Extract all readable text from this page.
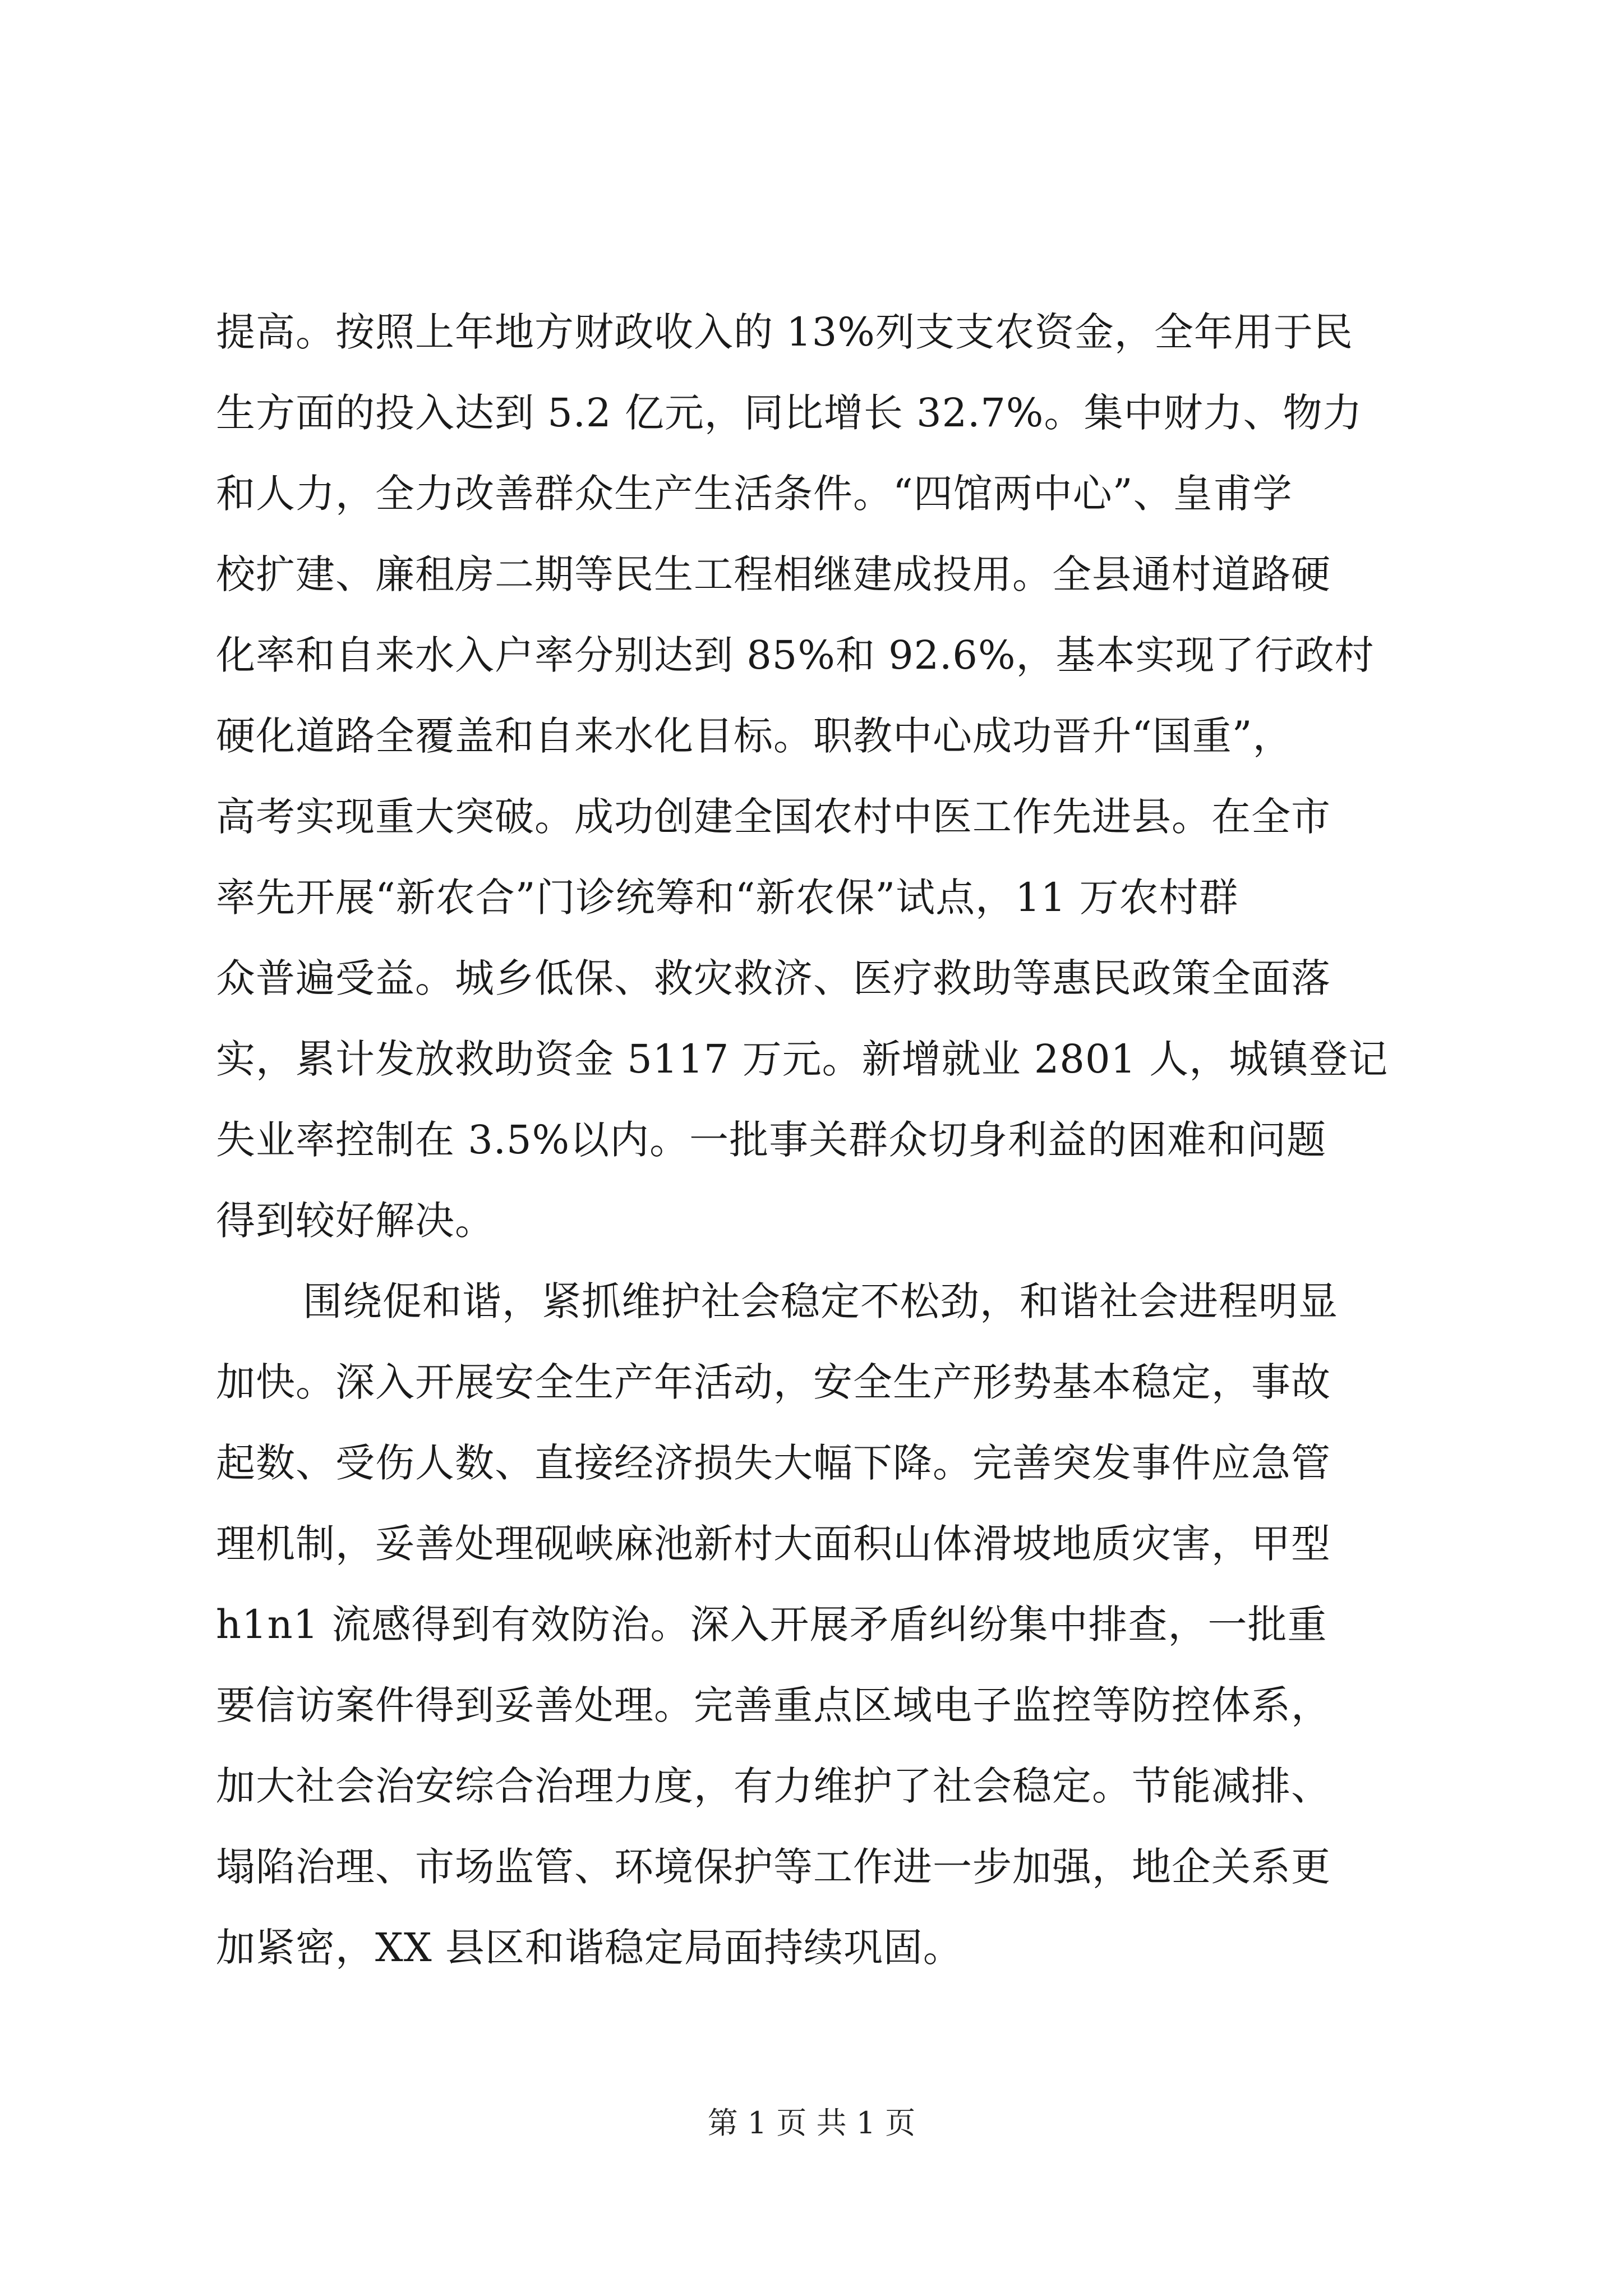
提高。按照上年地方财政收入的 13%列支支农资金，全年用于民
生方面的投入达到 5.2 亿元，同比增长 32.7%。集中财力、物力
和人力，全力改善群众生产生活条件。“四馆两中心”、皇甫学
校扩建、廉租房二期等民生工程相继建成投用。全县通村道路硬
化率和自来水入户率分别达到 85%和 92.6%，基本实现了行政村
硬化道路全覆盖和自来水化目标。职教中心成功晋升“国重”，
高考实现重大突破。成功创建全国农村中医工作先进县。在全市
率先开展“新农合”门诊统筹和“新农保”试点，11 万农村群
众普遍受益。城乡低保、救灾救济、医疗救助等惠民政策全面落
实，累计发放救助资金 5117 万元。新增就业 2801 人，城镇登记
失业率控制在 3.5%以内。一批事关群众切身利益的困难和问题
得到较好解决。
围绕促和谐，紧抓维护社会稳定不松劲，和谐社会进程明显
加快。深入开展安全生产年活动，安全生产形势基本稳定，事故
起数、受伤人数、直接经济损失大幅下降。完善突发事件应急管
理机制，妥善处理砚峡麻池新村大面积山体滑坡地质灾害，甲型
h1n1 流感得到有效防治。深入开展矛盾纠纷集中排查，一批重
要信访案件得到妥善处理。完善重点区域电子监控等防控体系，
加大社会治安综合治理力度，有力维护了社会稳定。节能减排、
塌陷治理、市场监管、环境保护等工作进一步加强，地企关系更
加紧密，XX 县区和谐稳定局面持续巩固。
第 1 页 共 1 页
